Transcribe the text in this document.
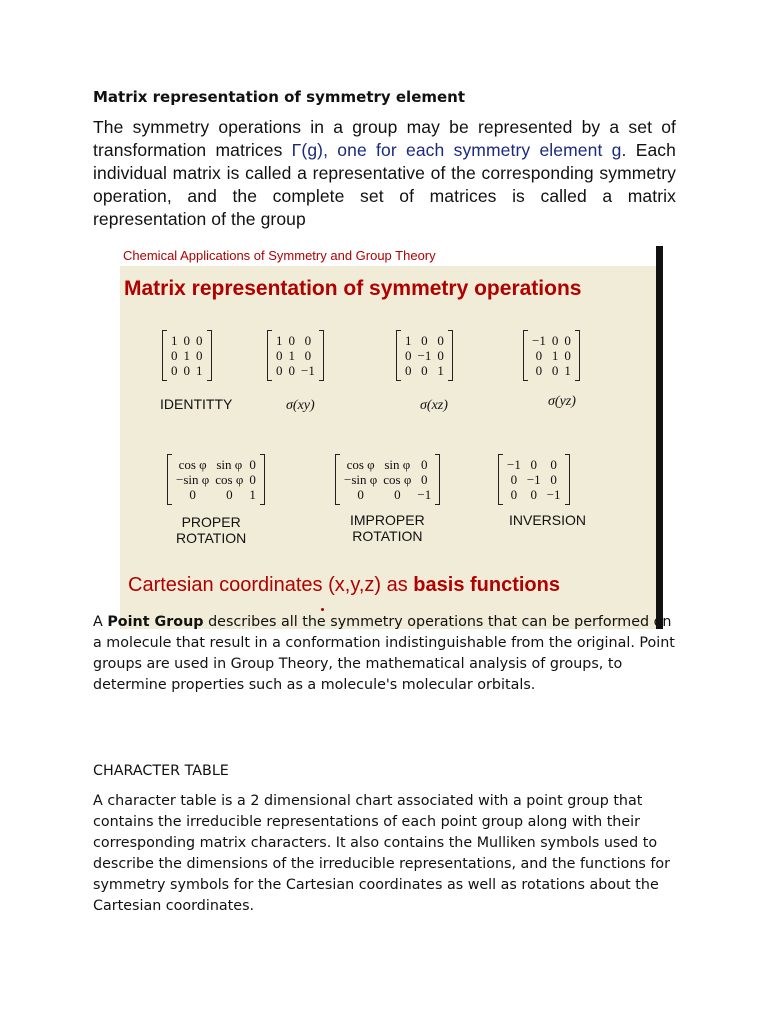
Matrix representation of symmetry element

The symmetry operations in a group may be represented by a set of transformation matrices Γ(g), one for each symmetry element g. Each individual matrix is called a representative of the corresponding symmetry operation, and the complete set of matrices is called a matrix representation of the group

Chemical Applications of Symmetry and Group Theory
Matrix representation of symmetry operations
1 0 0
0 1 0
0 0 1
1 0 0
0 1 0
0 0 −1
1 0 0
0 −1 0
0 0 1
−1 0 0
0 1 0
0 0 1
IDENTITTY	σ(xy)	σ(xz)	σ(yz)
cos φ sin φ 0
−sin φ cos φ 0
0	0	1
cos φ sin φ 0
−sin φ cos φ 0
0	0	−1
−1 0	0
0 −1 0
0	0 −1
PROPER
ROTATION
IMPROPER
ROTATION
INVERSION
Cartesian coordinates (x,y,z) as basis functions

A Point Group describes all the symmetry operations that can be performed on a molecule that result in a conformation indistinguishable from the original. Point groups are used in Group Theory, the mathematical analysis of groups, to determine properties such as a molecule's molecular orbitals.

CHARACTER TABLE
A character table is a 2 dimensional chart associated with a point group that contains the irreducible representations of each point group along with their corresponding matrix characters. It also contains the Mulliken symbols used to describe the dimensions of the irreducible representations, and the functions for symmetry symbols for the Cartesian coordinates as well as rotations about the Cartesian coordinates.
